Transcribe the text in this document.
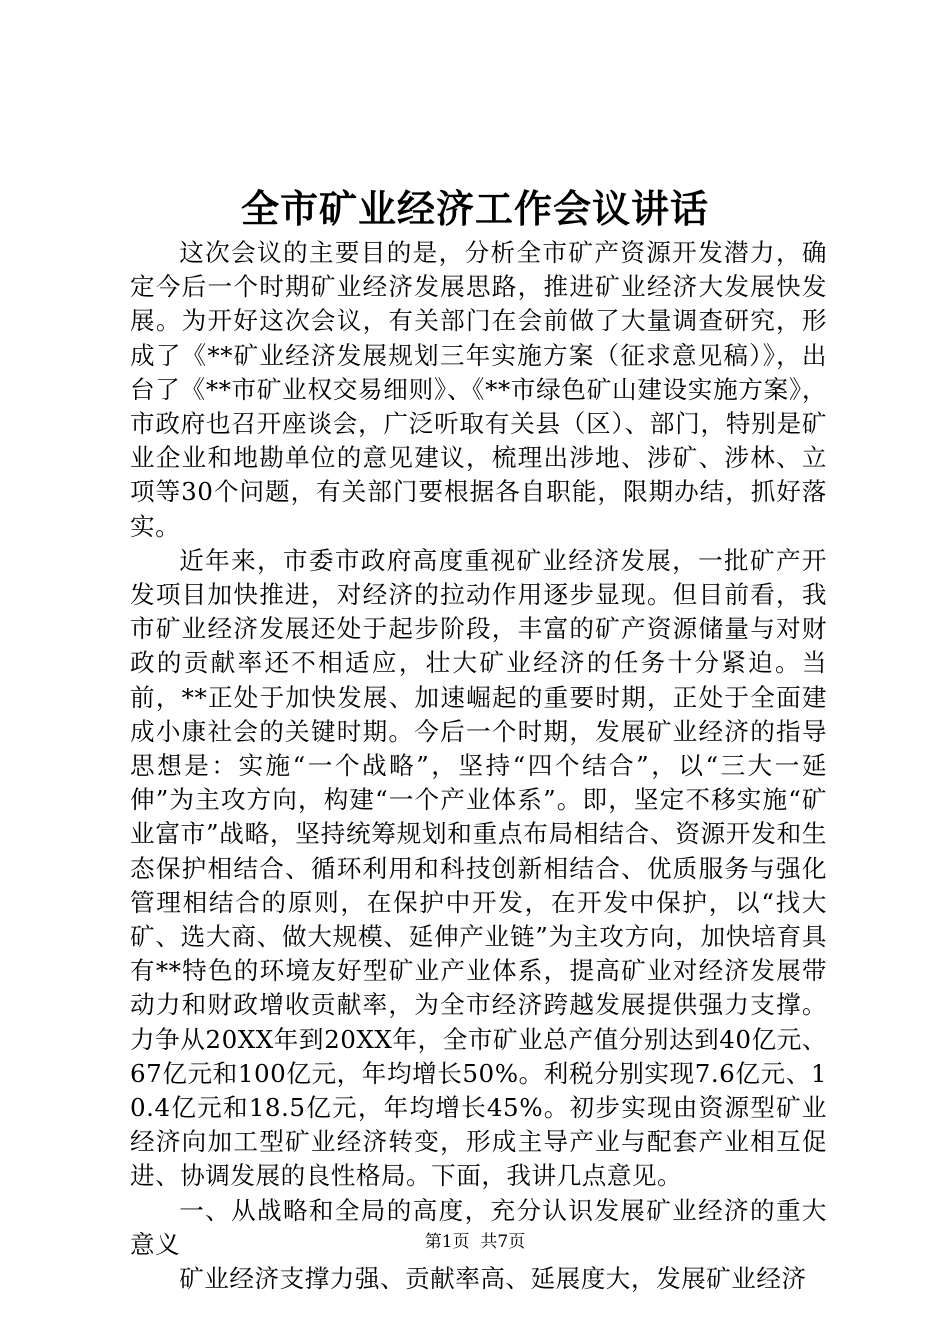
全市矿业经济工作会议讲话

这次会议的主要目的是，分析全市矿产资源开发潜力，确定今后一个时期矿业经济发展思路，推进矿业经济大发展快发展。为开好这次会议，有关部门在会前做了大量调查研究，形成了《**矿业经济发展规划三年实施方案（征求意见稿）》，出台了《**市矿业权交易细则》、《**市绿色矿山建设实施方案》，市政府也召开座谈会，广泛听取有关县（区）、部门，特别是矿业企业和地勘单位的意见建议，梳理出涉地、涉矿、涉林、立项等30个问题，有关部门要根据各自职能，限期办结，抓好落实。

近年来，市委市政府高度重视矿业经济发展，一批矿产开发项目加快推进，对经济的拉动作用逐步显现。但目前看，我市矿业经济发展还处于起步阶段，丰富的矿产资源储量与对财政的贡献率还不相适应，壮大矿业经济的任务十分紧迫。当前，**正处于加快发展、加速崛起的重要时期，正处于全面建成小康社会的关键时期。今后一个时期，发展矿业经济的指导思想是：实施“一个战略”，坚持“四个结合”，以“三大一延伸”为主攻方向，构建“一个产业体系”。即，坚定不移实施“矿业富市”战略，坚持统筹规划和重点布局相结合、资源开发和生态保护相结合、循环利用和科技创新相结合、优质服务与强化管理相结合的原则，在保护中开发，在开发中保护，以“找大矿、选大商、做大规模、延伸产业链”为主攻方向，加快培育具有**特色的环境友好型矿业产业体系，提高矿业对经济发展带动力和财政增收贡献率，为全市经济跨越发展提供强力支撑。力争从20XX年到20XX年，全市矿业总产值分别达到40亿元、67亿元和100亿元，年均增长50%。利税分别实现7.6亿元、10.4亿元和18.5亿元，年均增长45%。初步实现由资源型矿业经济向加工型矿业经济转变，形成主导产业与配套产业相互促进、协调发展的良性格局。下面，我讲几点意见。

一、从战略和全局的高度，充分认识发展矿业经济的重大意义

矿业经济支撑力强、贡献率高、延展度大，发展矿业经济

第1页 共7页
